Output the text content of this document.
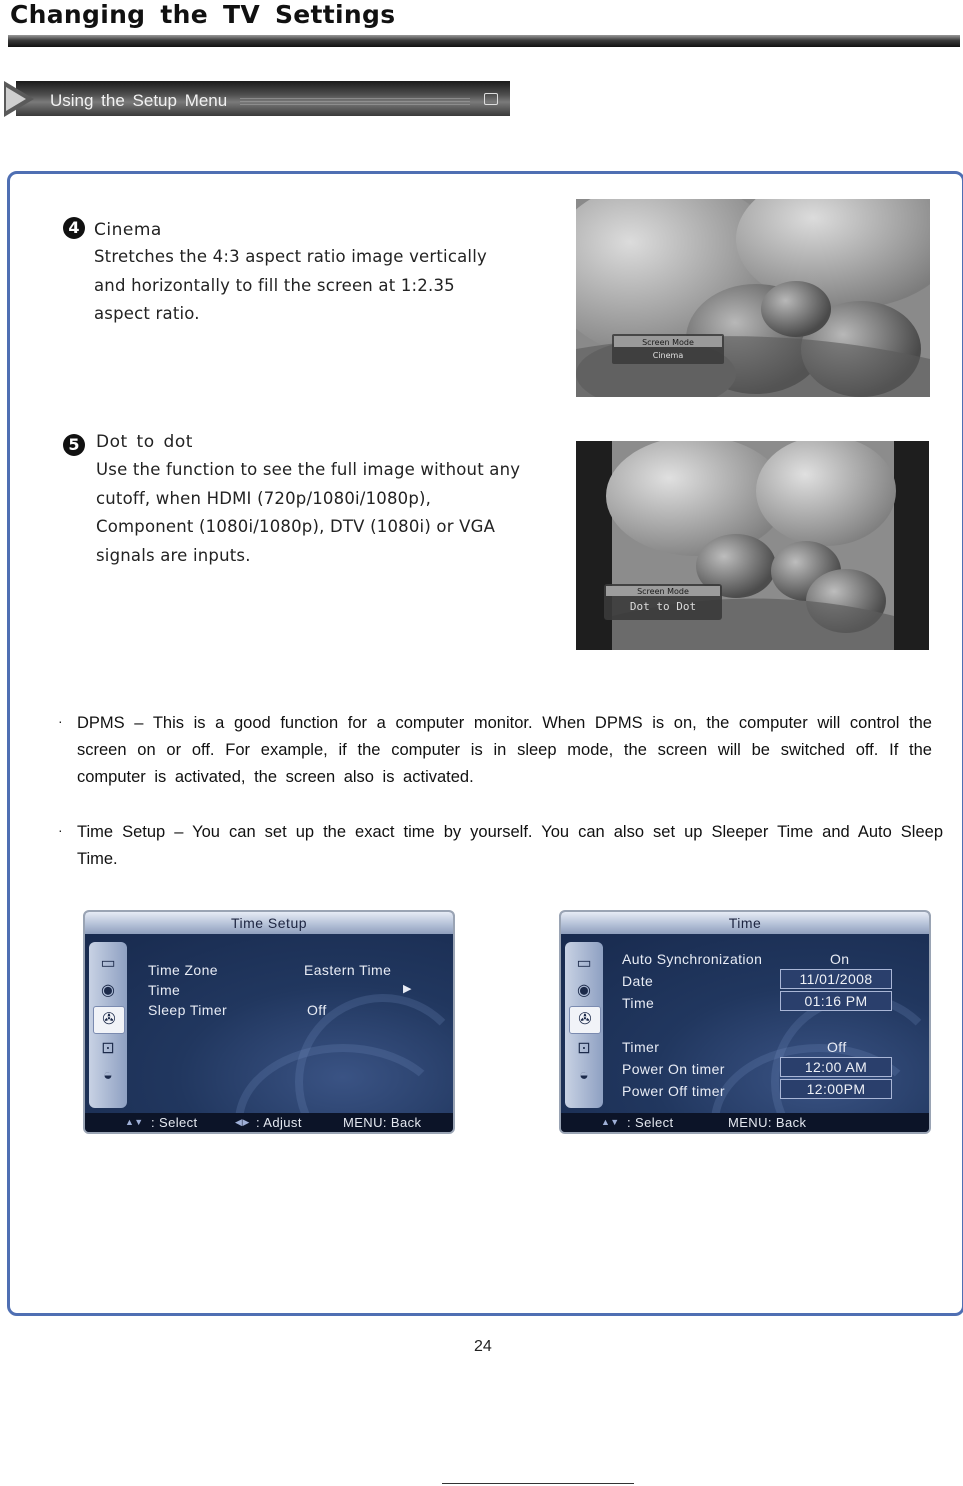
Changing the TV Settings
Using the Setup Menu
4 Cinema
Stretches the 4:3 aspect ratio image vertically
and horizontally to fill the screen at 1:2.35
aspect ratio.
Screen Mode
Cinema
5 Dot to dot
Use the function to see the full image without any
cutoff, when HDMI (720p/1080i/1080p),
Component (1080i/1080p), DTV (1080i) or VGA
signals are inputs.
Screen Mode
Dot to Dot
· DPMS – This is a good function for a computer monitor. When DPMS is on, the computer will control the screen on or off. For example, if the computer is in sleep mode, the screen will be switched off. If the computer is activated, the screen also is activated.
· Time Setup – You can set up the exact time by yourself. You can also set up Sleeper Time and Auto Sleep Time.
Time Setup
▭
◉
✇
⊡
◒
Time Zone	Eastern Time
Time	▶
Sleep Timer	Off
▲▼ : Select	◀▶ : Adjust	MENU: Back
Time
▭
◉
✇
⊡
◒
Auto Synchronization	On
Date	11/01/2008
Time	01:16 PM
Timer	Off
Power On timer	12:00 AM
Power Off timer	12:00PM
▲▼ : Select	MENU: Back
24
